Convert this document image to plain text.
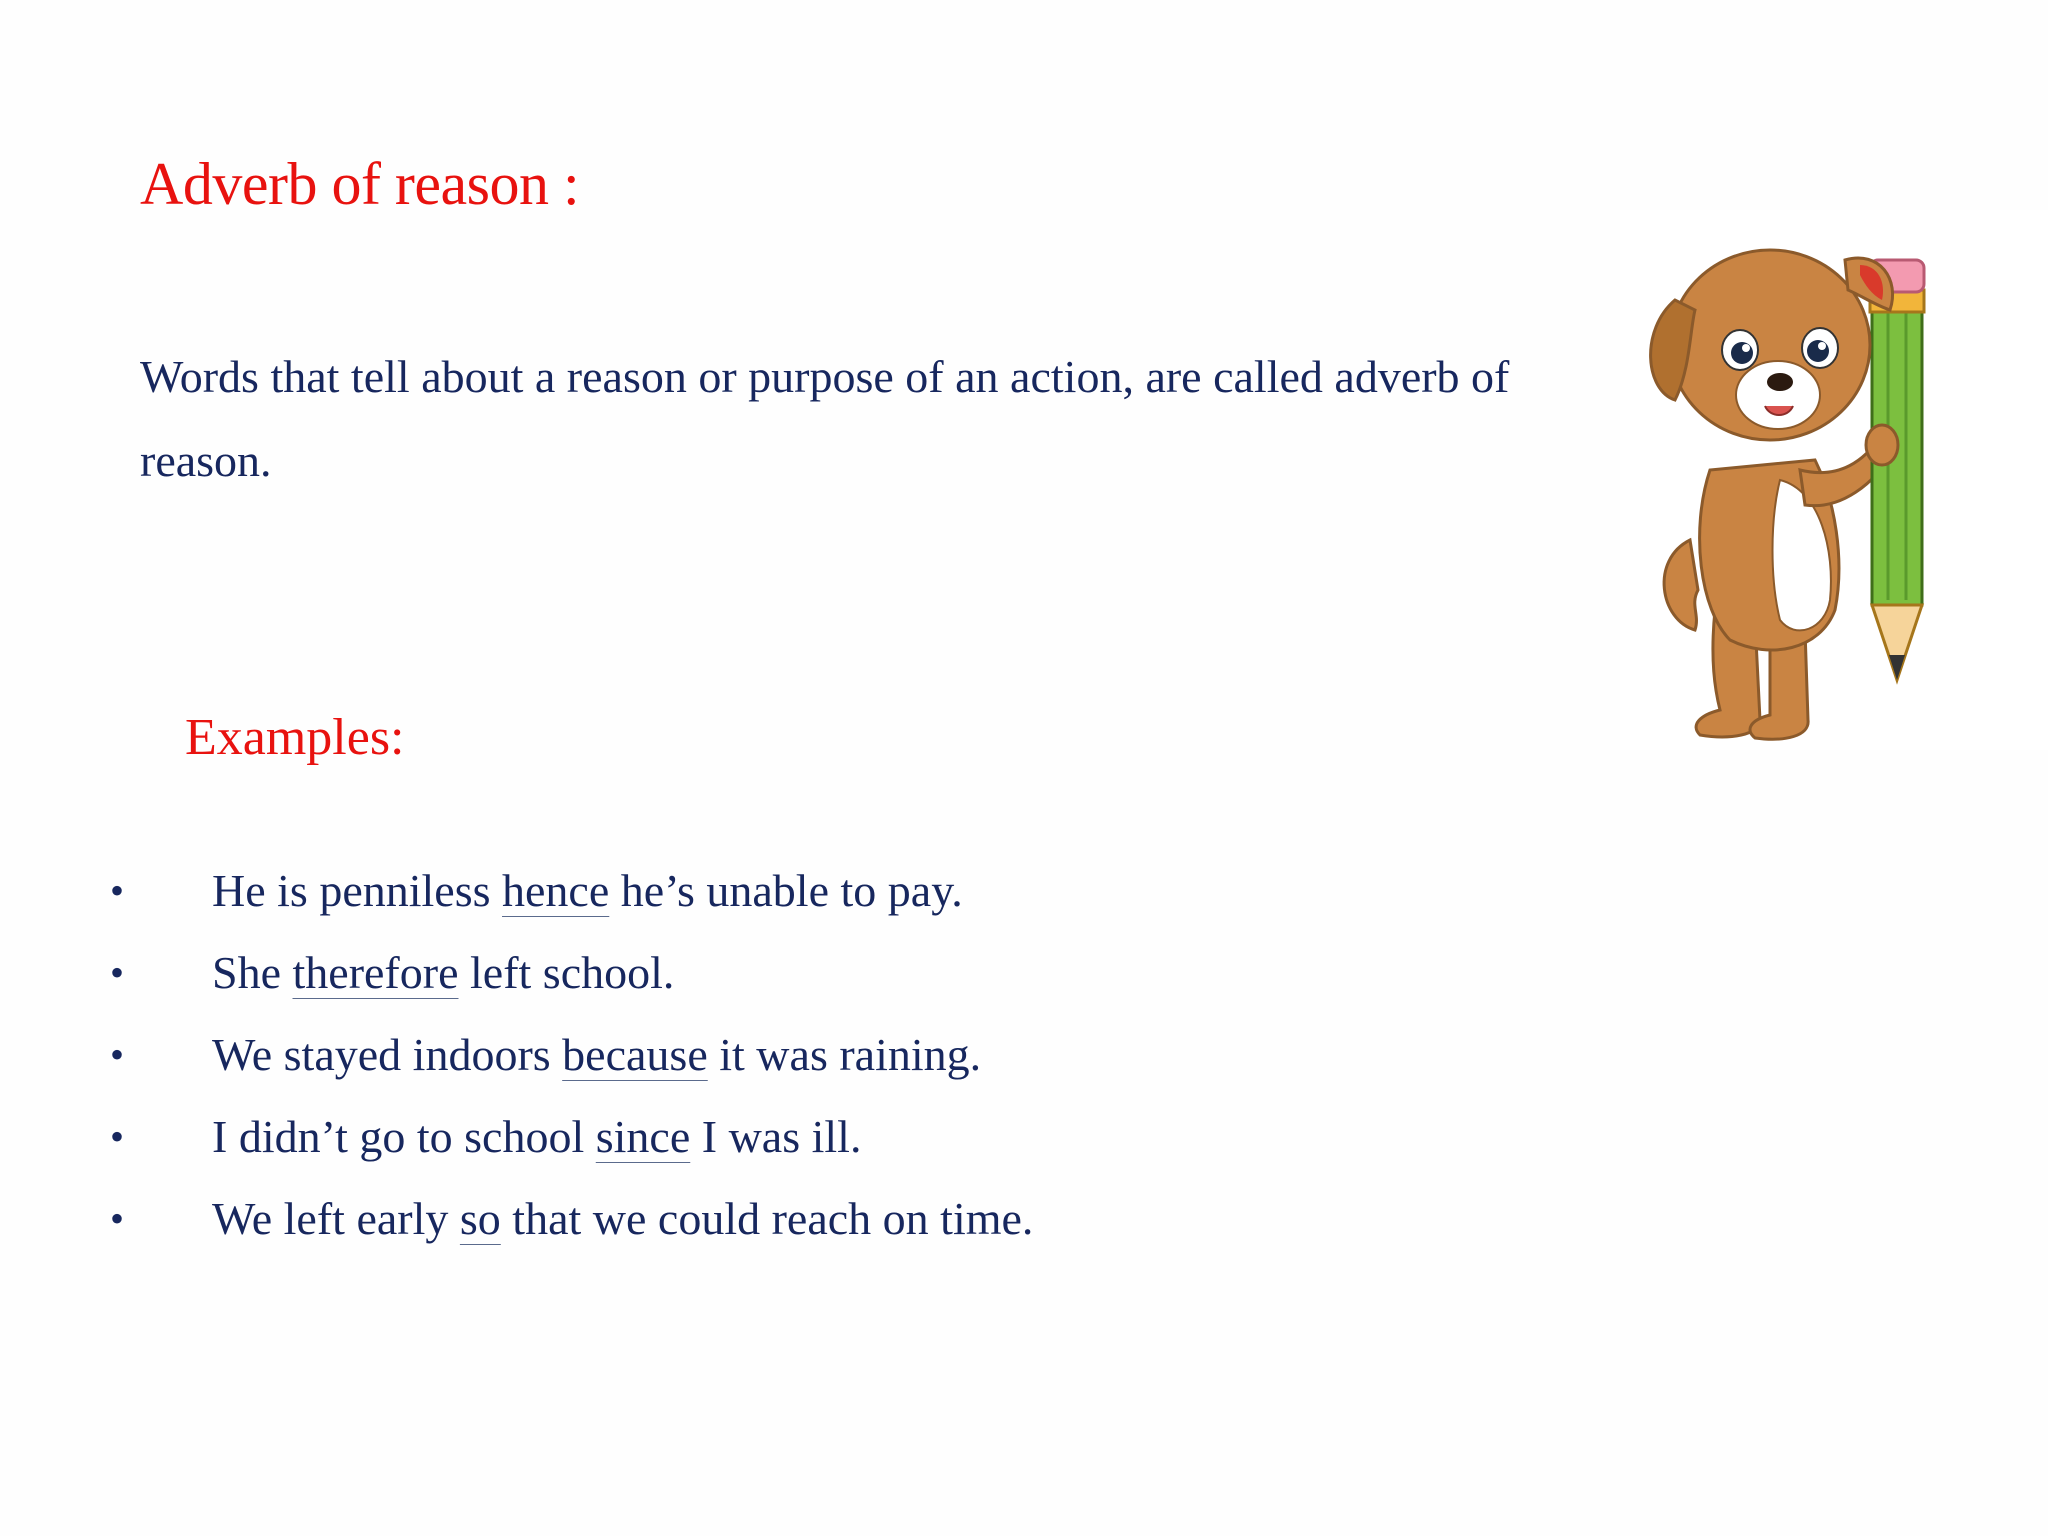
Adverb of reason :

Words that tell about a reason or purpose of an action, are called adverb of reason.

Examples:
• He is penniless hence he’s unable to pay.
• She therefore left school.
• We stayed indoors because it was raining.
• I didn’t go to school since I was ill.
• We left early so that we could reach on time.
